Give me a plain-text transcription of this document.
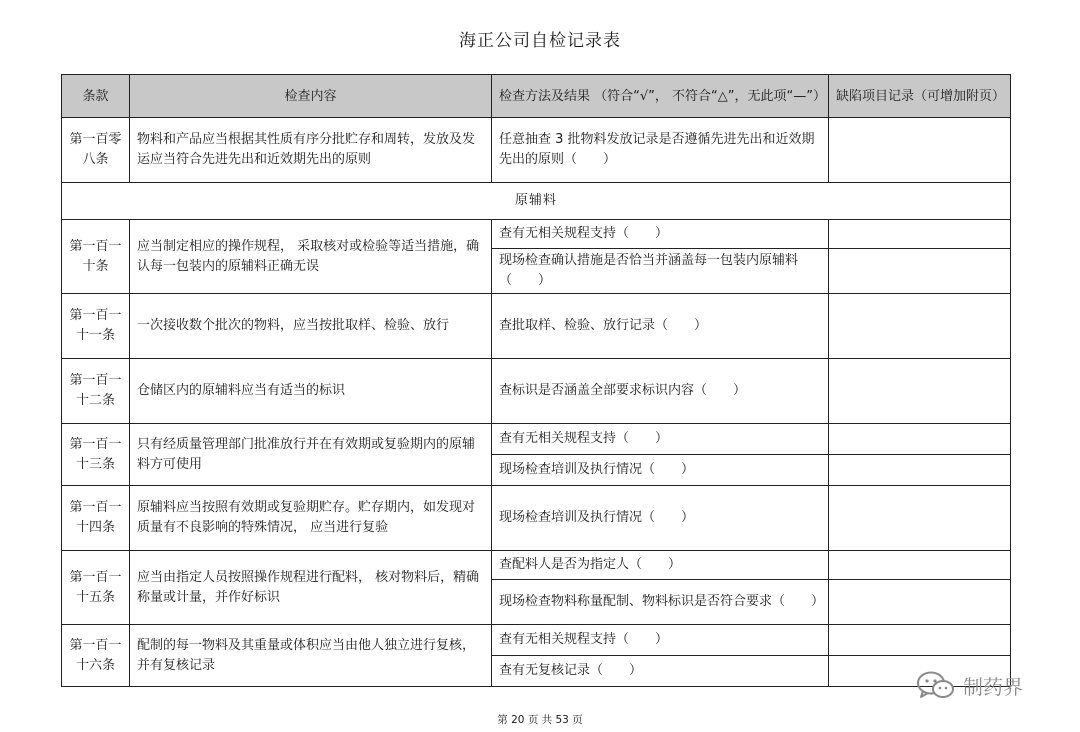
海正公司自检记录表
条款	检查内容	检查方法及结果 （符合“√”， 不符合“△”，无此项“—”）	缺陷项目记录（可增加附页）
第一百零八条	物料和产品应当根据其性质有序分批贮存和周转，发放及发运应当符合先进先出和近效期先出的原则	任意抽查 3 批物料发放记录是否遵循先进先出和近效期先出的原则（　　）	
原辅料			
第一百一十条	应当制定相应的操作规程， 采取核对或检验等适当措施，确认每一包装内的原辅料正确无误	查有无相关规程支持（　　）	
		现场检查确认措施是否恰当并涵盖每一包装内原辅料（　　）	
第一百一十一条	一次接收数个批次的物料，应当按批取样、检验、放行	查批取样、检验、放行记录（　　）	
第一百一十二条	仓储区内的原辅料应当有适当的标识	查标识是否涵盖全部要求标识内容（　　）	
第一百一十三条	只有经质量管理部门批准放行并在有效期或复验期内的原辅料方可使用	查有无相关规程支持（　　）	
		现场检查培训及执行情况（　　）	
第一百一十四条	原辅料应当按照有效期或复验期贮存。贮存期内，如发现对质量有不良影响的特殊情况， 应当进行复验	现场检查培训及执行情况（　　）	
第一百一十五条	应当由指定人员按照操作规程进行配料， 核对物料后，精确称量或计量，并作好标识	查配料人是否为指定人（　　）	
		现场检查物料称量配制、物料标识是否符合要求（　　）	
第一百一十六条	配制的每一物料及其重量或体积应当由他人独立进行复核，并有复核记录	查有无相关规程支持（　　）	
		查有无复核记录（　　）	
制药界
第 20 页 共 53 页
